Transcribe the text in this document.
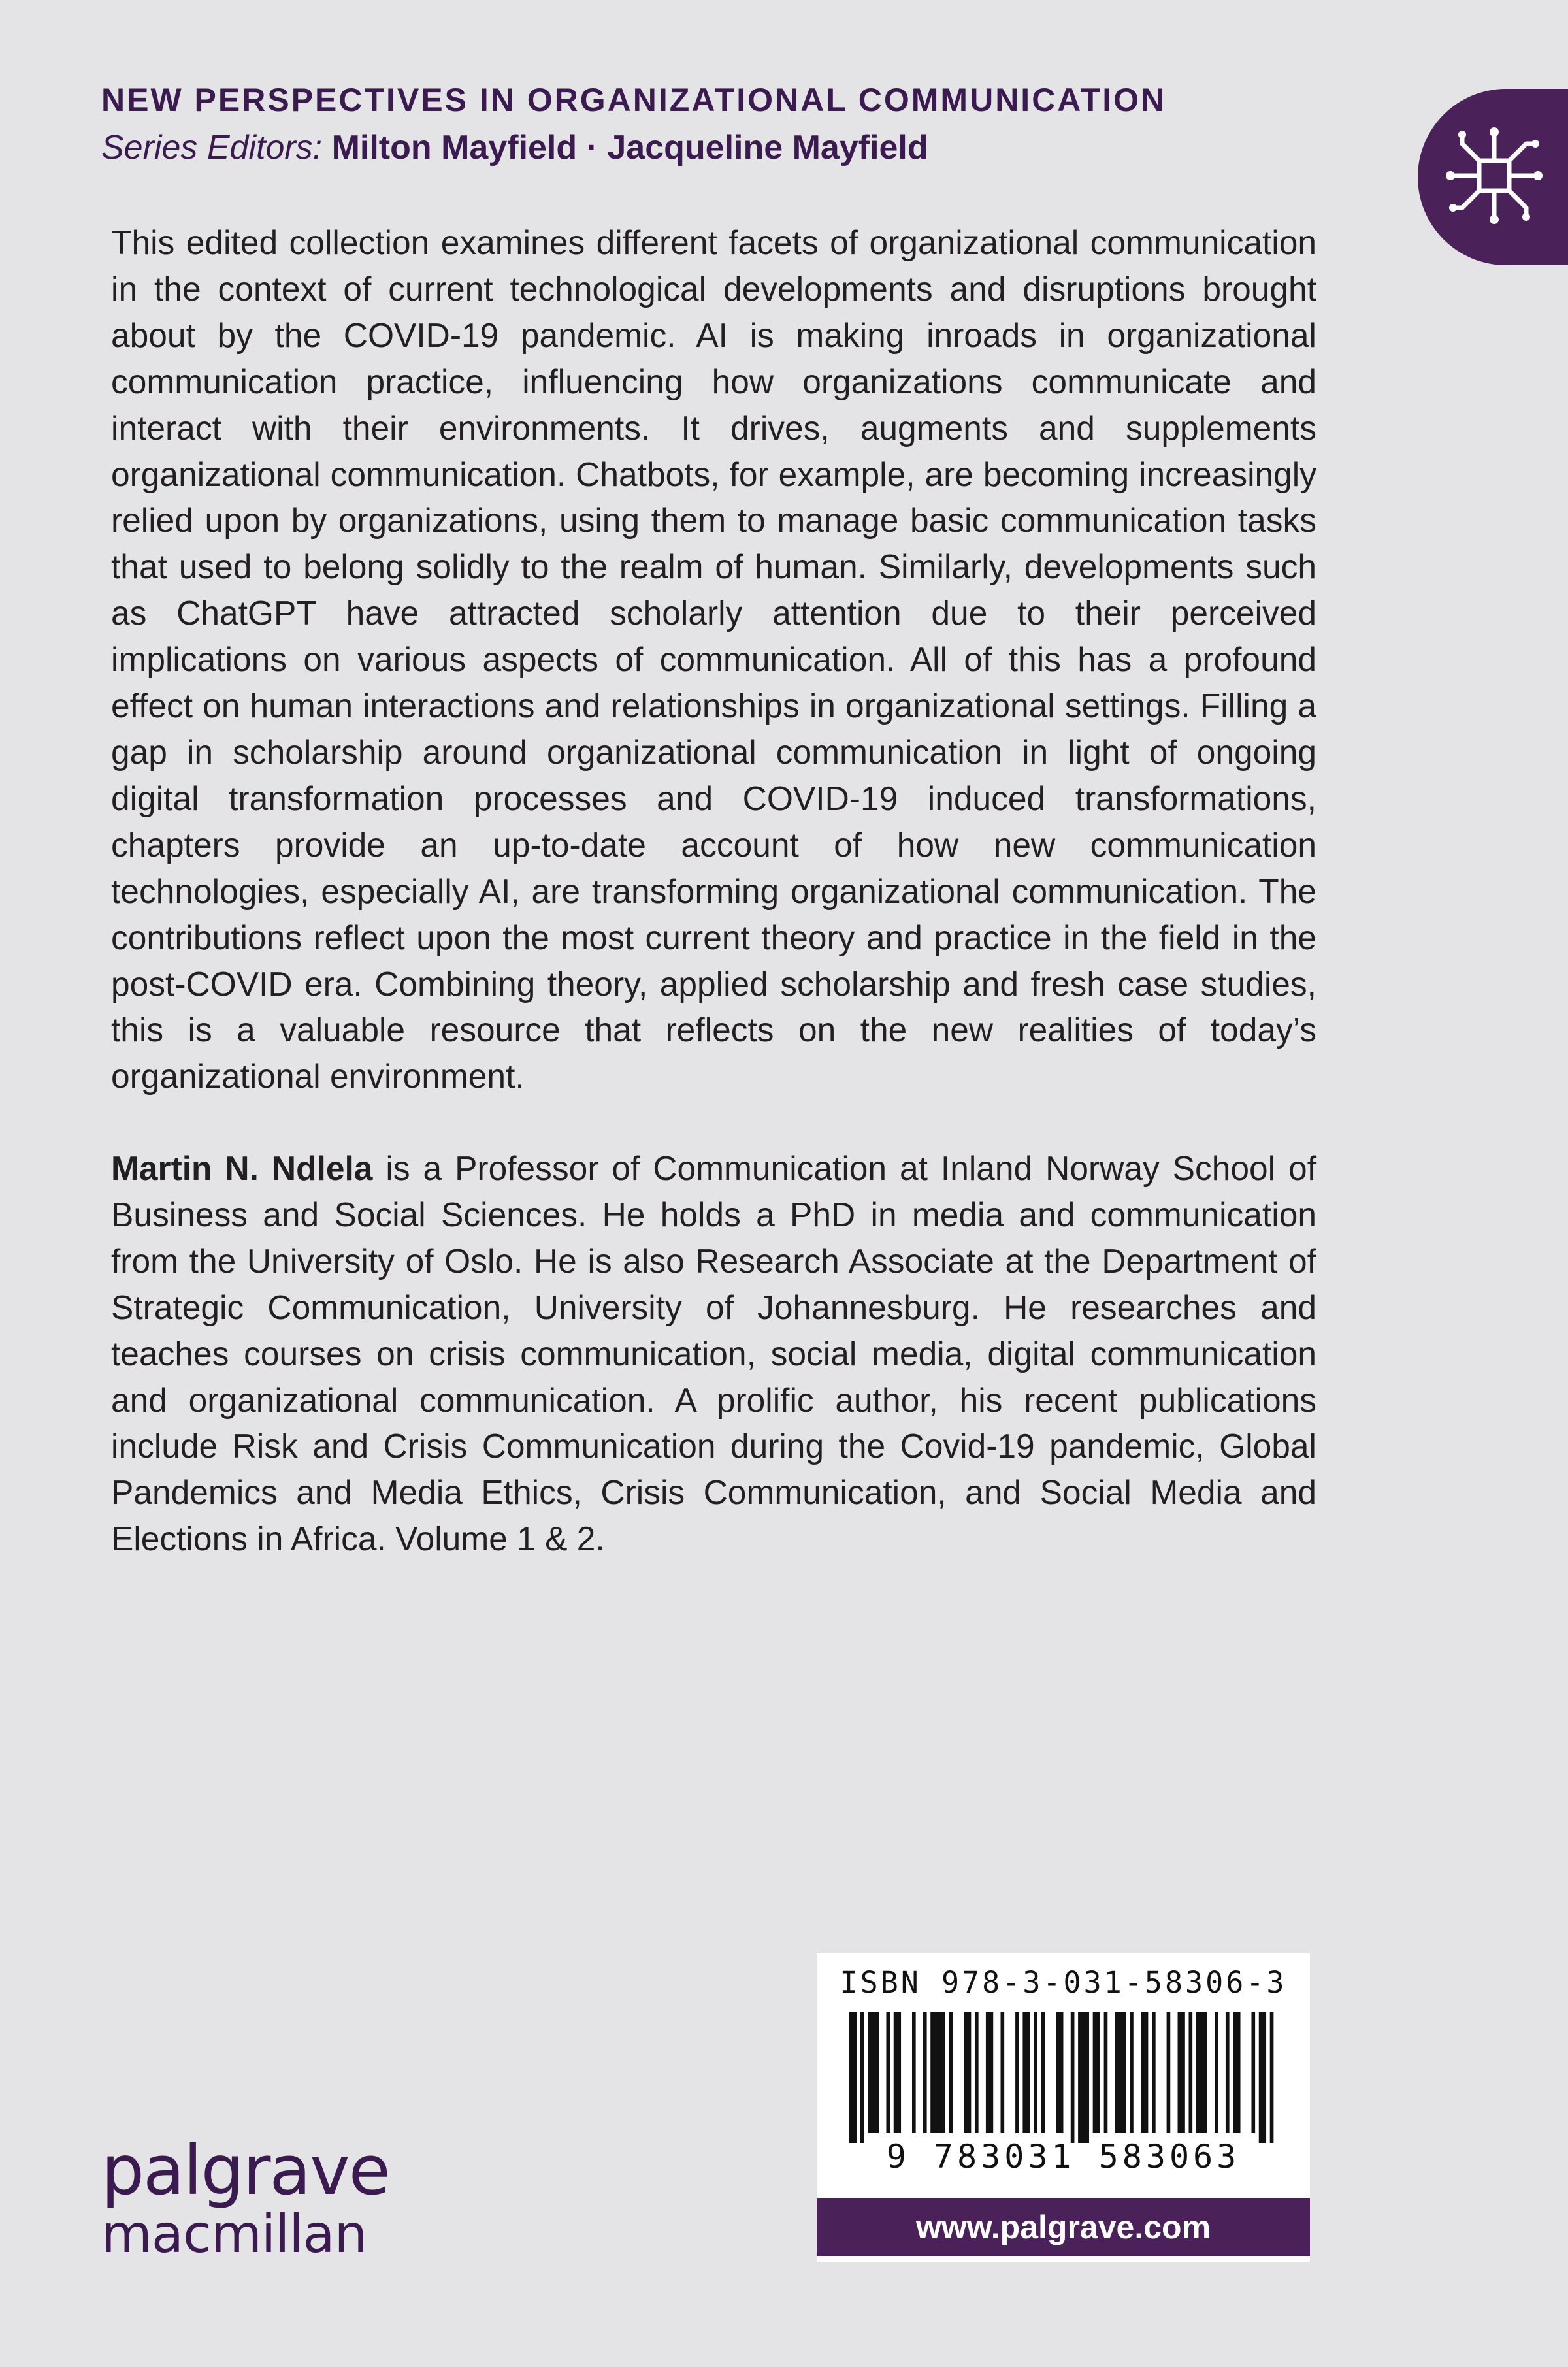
NEW PERSPECTIVES IN ORGANIZATIONAL COMMUNICATION
Series Editors: Milton Mayfield · Jacqueline Mayfield
This edited collection examines different facets of organizational communication in the context of current technological developments and disruptions brought about by the COVID-19 pandemic. AI is making inroads in organizational communication practice, influencing how organizations communicate and interact with their environments. It drives, augments and supplements organizational communication. Chatbots, for example, are becoming increasingly relied upon by organizations, using them to manage basic communication tasks that used to belong solidly to the realm of human. Similarly, developments such as ChatGPT have attracted scholarly attention due to their perceived implications on various aspects of communication. All of this has a profound effect on human interactions and relationships in organizational settings. Filling a gap in scholarship around organizational communication in light of ongoing digital transformation processes and COVID-19 induced transformations, chapters provide an up-to-date account of how new communication technologies, especially AI, are transforming organizational communication. The contributions reflect upon the most current theory and practice in the field in the post-COVID era. Combining theory, applied scholarship and fresh case studies, this is a valuable resource that reflects on the new realities of today’s organizational environment.
Martin N. Ndlela is a Professor of Communication at Inland Norway School of Business and Social Sciences. He holds a PhD in media and communication from the University of Oslo. He is also Research Associate at the Department of Strategic Communication, University of Johannesburg. He researches and teaches courses on crisis communication, social media, digital communication and organizational communication. A prolific author, his recent publications include Risk and Crisis Communication during the Covid-19 pandemic, Global Pandemics and Media Ethics, Crisis Communication, and Social Media and Elections in Africa. Volume 1 & 2.
palgrave
macmillan
ISBN 978-3-031-58306-3
9 783031 583063
www.palgrave.com
